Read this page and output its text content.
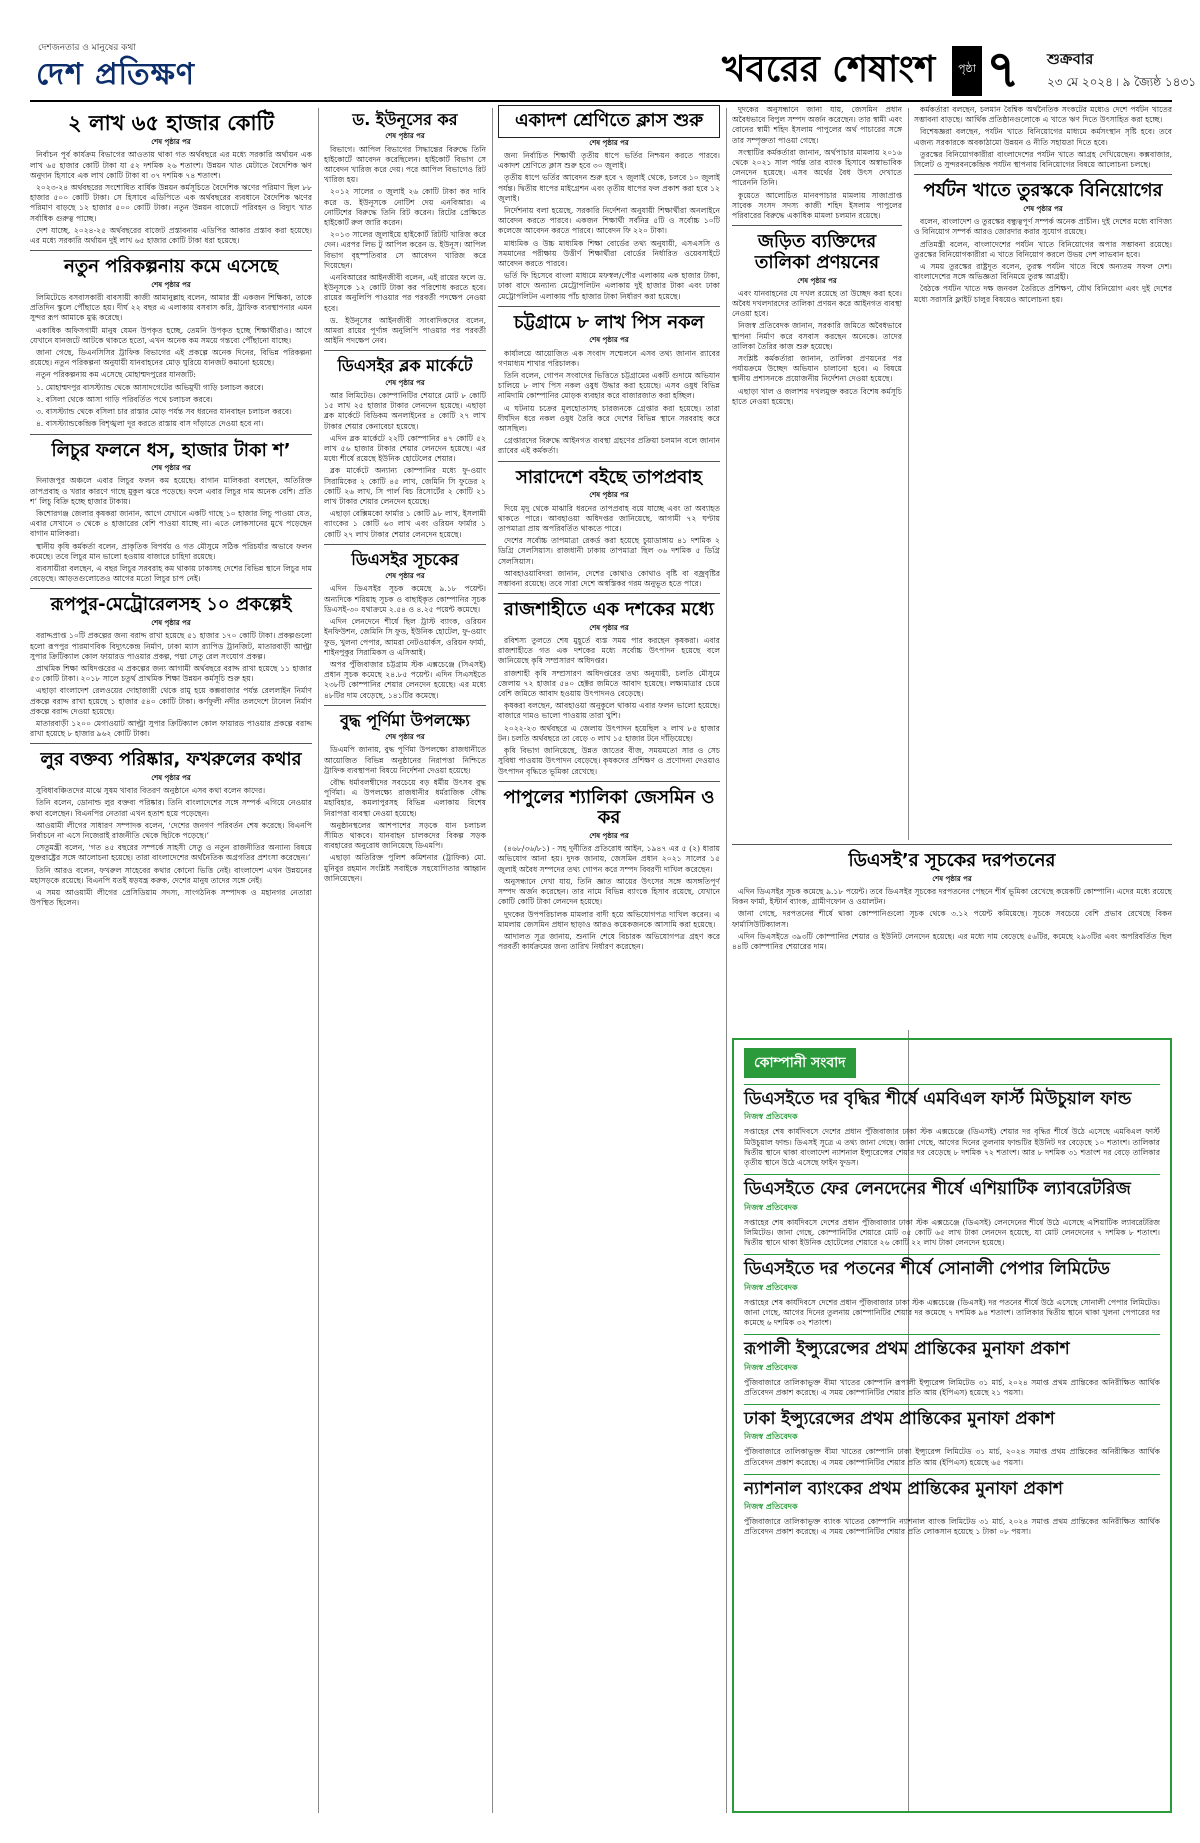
দেশজনতার ও মানুষের কথা
দেশ প্রতিক্ষণ	খবরের শেষাংশ	পৃষ্ঠা ৭ শুক্রবার
২৩ মে ২০২৪ ৷ ৯ জ্যৈষ্ঠ ১৪৩১
২ লাখ ৬৫ হাজার কোটি
শেষ পৃষ্ঠার পর

নির্বাচন পূর্ব কার্যক্রম বিভাগের আওতায় থাকা গত অর্থবছরে এর মধ্যে সরকারি অর্থায়ন এক লাখ ৬৫ হাজার কোটি টাকা যা ৫২ দশমিক ২৬ শতাংশ। উন্নয়ন খাত মেটাতে বৈদেশিক ঋণ অনুদান হিসাবে এক লাখ কোটি টাকা বা ৩৭ দশমিক ৭৪ শতাংশ।

২০২৩-২৪ অর্থবছরের সংশোধিত বার্ষিক উন্নয়ন কর্মসূচিতে বৈদেশিক ঋণের পরিমাণ ছিল ৮৮ হাজার ৫০০ কোটি টাকা। সে হিসাবে এডিপিতে এক অর্থবছরের ব্যবধানে বৈদেশিক ঋণের পরিমাণ বাড়ছে ১২ হাজার ৫০০ কোটি টাকা। নতুন উন্নয়ন বাজেটে পরিবহন ও বিদ্যুৎ খাত সর্বাধিক গুরুত্ব পাচ্ছে।

দেশ যাচ্ছে, ২০২৪-২৫ অর্থবছরের বাজেট প্রস্তাবনায় এডিপির আকার প্রস্তাব করা হয়েছে। এর মধ্যে সরকারি অর্থায়ন দুই লাখ ৬৫ হাজার কোটি টাকা ধরা হয়েছে।

নতুন পরিকল্পনায় কমে এসেছে
শেষ পৃষ্ঠার পর

লিমিটেডে বসবাসকারী বাবসায়ী কাজী আমানুল্লাহ বলেন, আমার স্ত্রী একজন শিক্ষিকা, তাকে প্রতিদিন স্কুলে পৌঁছাতে হয়। দীর্ঘ ২২ বছর এ এলাকায় বসবাস করি, ট্রাফিক ব্যবস্থাপনার এমন সুন্দর রূপ আমাকে মুগ্ধ করেছে।

একাধিক অফিসগামী মানুষ যেমন উপকৃত হচ্ছে, তেমনি উপকৃত হচ্ছে শিক্ষার্থীরাও। আগে যেখানে যানজটে আটকে থাকতে হতো, এখন অনেক কম সময়ে গন্তব্যে পৌঁছানো যাচ্ছে।

জানা গেছে, ডিএনসিসির ট্রাফিক বিভাগের এই প্রকল্পে অনেক দিনের, বিভিন্ন পরিকল্পনা রয়েছে। নতুন পরিকল্পনা অনুযায়ী যানবাহনের মোড় ঘুরিয়ে যানজট কমানো হয়েছে।

নতুন পরিকল্পনায় কম এসেছে মোহাম্মদপুরের যানজটি:

১. মোহাম্মদপুর বাসস্ট্যান্ড থেকে আসাদগেটের অভিমুখী গাড়ি চলাচল করবে।

২. বসিলা থেকে আসা গাড়ি পরিবর্তিত পথে চলাচল করবে।

৩. বাসস্ট্যান্ড থেকে বসিলা চার রাস্তার মোড় পর্যন্ত সব ধরনের যানবাহন চলাচল করবে।

৪. বাসস্ট্যান্ডকেন্দ্রিক বিশৃঙ্খলা দূর করতে রাস্তায় বাস দাঁড়াতে দেওয়া হবে না।

লিচুর ফলনে ধস, হাজার টাকা শ’
শেষ পৃষ্ঠার পর

দিনাজপুর অঞ্চলে এবার লিচুর ফলন কম হয়েছে। বাগান মালিকরা বলছেন, অতিরিক্ত তাপপ্রবাহ ও খরার কারণে গাছে মুকুল ঝরে পড়েছে। ফলে এবার লিচুর দাম অনেক বেশি। প্রতি শ’ লিচু বিক্রি হচ্ছে হাজার টাকায়।

কিশোরগঞ্জ জেলার কৃষকরা জানান, আগে যেখানে একটি গাছে ১০ হাজার লিচু পাওয়া যেত, এবার সেখানে ৩ থেকে ৪ হাজারের বেশি পাওয়া যাচ্ছে না। এতে লোকসানের মুখে পড়েছেন বাগান মালিকরা।

স্থানীয় কৃষি কর্মকর্তা বলেন, প্রাকৃতিক বিপর্যয় ও গত মৌসুমে সঠিক পরিচর্যার অভাবে ফলন কমেছে। তবে লিচুর মান ভালো হওয়ায় বাজারে চাহিদা রয়েছে।

ব্যবসায়ীরা বলছেন, এ বছর লিচুর সরবরাহ কম থাকায় ঢাকাসহ দেশের বিভিন্ন স্থানে লিচুর দাম বেড়েছে। আড়তগুলোতেও আগের মতো লিচুর চাপ নেই।

রূপপুর-মেট্রোরেলসহ ১০ প্রকল্পেই
শেষ পৃষ্ঠার পর

বরাদ্দপ্রাপ্ত ১০টি প্রকল্পের জন্য বরাদ্দ রাখা হয়েছে ৫১ হাজার ১৭০ কোটি টাকা। প্রকল্পগুলো হলো রূপপুর পারমাণবিক বিদ্যুৎকেন্দ্র নির্মাণ, ঢাকা ম্যাস র‍্যাপিড ট্রানজিট, মাতারবাড়ী আল্ট্রা সুপার ক্রিটিক্যাল কোল ফায়ারড পাওয়ার প্রকল্প, পদ্মা সেতু রেল সংযোগ প্রকল্প।

প্রাথমিক শিক্ষা অধিদপ্তরের এ প্রকল্পের জন্য আগামী অর্থবছরে বরাদ্দ রাখা হয়েছে ১১ হাজার ৫৩ কোটি টাকা। ২০১৮ সালে চতুর্থ প্রাথমিক শিক্ষা উন্নয়ন কর্মসূচি শুরু হয়।

এছাড়া বাংলাদেশ রেলওয়ের দোহাজারী থেকে রামু হয়ে কক্সবাজার পর্যন্ত রেললাইন নির্মাণ প্রকল্পে বরাদ্দ রাখা হয়েছে ১ হাজার ৫৪০ কোটি টাকা। কর্ণফুলী নদীর তলদেশে টানেল নির্মাণ প্রকল্পে বরাদ্দ দেওয়া হয়েছে।

মাতারবাড়ী ১২০০ মেগাওয়াট আল্ট্রা সুপার ক্রিটিক্যাল কোল ফায়ারড পাওয়ার প্রকল্পে বরাদ্দ রাখা হয়েছে ৮ হাজার ৯৬২ কোটি টাকা।

লুর বক্তব্য পরিষ্কার, ফখরুলের কথার
শেষ পৃষ্ঠার পর

সুবিধাবঞ্চিতদের মাঝে সুষম খাবার বিতরণ অনুষ্ঠানে এসব কথা বলেন কাদের।

তিনি বলেন, ডোনাল্ড লুর বক্তব্য পরিষ্কার। তিনি বাংলাদেশের সঙ্গে সম্পর্ক এগিয়ে নেওয়ার কথা বলেছেন। বিএনপির নেতারা এখন হতাশ হয়ে পড়েছেন।

আওয়ামী লীগের সাধারণ সম্পাদক বলেন, ‘দেশের জনগণ পরিবর্তন শেষ করেছে। বিএনপি নির্বাচনে না এসে নিজেরাই রাজনীতি থেকে ছিটকে পড়েছে।’

সেতুমন্ত্রী বলেন, ‘গত ৪৫ বছরের সম্পর্কে সাহসী সেতু ও নতুন রাজনীতির অন্যান্য বিষয়ে যুক্তরাষ্ট্রের সঙ্গে আলোচনা হয়েছে। তারা বাংলাদেশের অর্থনৈতিক অগ্রগতির প্রশংসা করেছেন।’

তিনি আরও বলেন, ফখরুল সাহেবের কথার কোনো ভিত্তি নেই। বাংলাদেশ এখন উন্নয়নের মহাসড়কে রয়েছে। বিএনপি যতই ষড়যন্ত্র করুক, দেশের মানুষ তাদের সঙ্গে নেই।

এ সময় আওয়ামী লীগের প্রেসিডিয়াম সদস্য, সাংগঠনিক সম্পাদক ও মহানগর নেতারা উপস্থিত ছিলেন।

ড. ইউনূসের কর
শেষ পৃষ্ঠার পর

বিভাগে। আপিল বিভাগের সিদ্ধান্তের বিরুদ্ধে তিনি হাইকোর্টে আবেদন করেছিলেন। হাইকোর্ট বিভাগ সে আবেদন খারিজ করে দেয়। পরে আপিল বিভাগেও রিট খারিজ হয়।

২০১২ সালের ৩ জুলাই ২৬ কোটি টাকা কর দাবি করে ড. ইউনূসকে নোটিশ দেয় এনবিআর। এ নোটিশের বিরুদ্ধে তিনি রিট করেন। রিটের প্রেক্ষিতে হাইকোর্ট রুল জারি করেন।

২০১৩ সালের জুলাইয়ে হাইকোর্ট রিটটি খারিজ করে দেন। এরপর লিভ টু আপিল করেন ড. ইউনূস। আপিল বিভাগ বৃহস্পতিবার সে আবেদন খারিজ করে দিয়েছেন।

এনবিআরের আইনজীবী বলেন, এই রায়ের ফলে ড. ইউনূসকে ১২ কোটি টাকা কর পরিশোধ করতে হবে। রায়ের অনুলিপি পাওয়ার পর পরবর্তী পদক্ষেপ নেওয়া হবে।

ড. ইউনূসের আইনজীবী সাংবাদিকদের বলেন, আমরা রায়ের পূর্ণাঙ্গ অনুলিপি পাওয়ার পর পরবর্তী আইনি পদক্ষেপ নেব।

ডিএসইর ব্লক মার্কেটে
শেষ পৃষ্ঠার পর

আর লিমিটেড। কোম্পানিটির শেয়ারে মোট ৮ কোটি ১৫ লাখ ২৫ হাজার টাকার লেনদেন হয়েছে। এছাড়া ব্লক মার্কেটে বিডিকম অনলাইনের ৪ কোটি ২৭ লাখ টাকার শেয়ার কেনাবেচা হয়েছে।

এদিন ব্লক মার্কেটে ২২টি কোম্পানির ৪৭ কোটি ৫২ লাখ ৫৬ হাজার টাকার শেয়ার লেনদেন হয়েছে। এর মধ্যে শীর্ষে রয়েছে ইউনিক হোটেলের শেয়ার।

ব্লক মার্কেটে অন্যান্য কোম্পানির মধ্যে ফু-ওয়াং সিরামিকের ২ কোটি ৪৫ লাখ, জেমিনি সি ফুডের ২ কোটি ২৬ লাখ, সি পার্ল বিচ রিসোর্টের ২ কোটি ২১ লাখ টাকার শেয়ার লেনদেন হয়েছে।

এছাড়া বেক্সিমকো ফার্মার ১ কোটি ৯৮ লাখ, ইসলামী ব্যাংকের ১ কোটি ৬৩ লাখ এবং ওরিয়ন ফার্মার ১ কোটি ২৭ লাখ টাকার শেয়ার লেনদেন হয়েছে।

ডিএসইর সূচকের
শেষ পৃষ্ঠার পর

এদিন ডিএসইর সূচক কমেছে ৯.১৮ পয়েন্ট। অন্যদিকে শরিয়াহ সূচক ও বাছাইকৃত কোম্পানির সূচক ডিএসই-৩০ যথাক্রমে ২.৫৪ ও ৪.২৫ পয়েন্ট কমেছে।

এদিন লেনদেনে শীর্ষে ছিল ট্রাস্ট ব্যাংক, ওরিয়ন ইনফিউশন, জেমিনি সি ফুড, ইউনিক হোটেল, ফু-ওয়াং ফুড, খুলনা পেপার, আমরা নেটওয়ার্কস, ওরিয়ন ফার্মা, শাইনপুকুর সিরামিকস ও এসিআই।

অপর পুঁজিবাজার চট্টগ্রাম স্টক এক্সচেঞ্জে (সিএসই) প্রধান সূচক কমেছে ২৪.৮৫ পয়েন্ট। এদিন সিএসইতে ২৩৮টি কোম্পানির শেয়ার লেনদেন হয়েছে। এর মধ্যে ৪৮টির দাম বেড়েছে, ১৪১টির কমেছে।

বুদ্ধ পূর্ণিমা উপলক্ষ্যে
শেষ পৃষ্ঠার পর

ডিএমপি জানায়, বুদ্ধ পূর্ণিমা উপলক্ষ্যে রাজধানীতে আয়োজিত বিভিন্ন অনুষ্ঠানের নিরাপত্তা নিশ্চিতে ট্রাফিক ব্যবস্থাপনা বিষয়ে নির্দেশনা দেওয়া হয়েছে।

বৌদ্ধ ধর্মাবলম্বীদের সবচেয়ে বড় ধর্মীয় উৎসব বুদ্ধ পূর্ণিমা। এ উপলক্ষ্যে রাজধানীর ধর্মরাজিক বৌদ্ধ মহাবিহার, কমলাপুরসহ বিভিন্ন এলাকায় বিশেষ নিরাপত্তা ব্যবস্থা নেওয়া হয়েছে।

অনুষ্ঠানস্থলের আশপাশের সড়কে যান চলাচল সীমিত থাকবে। যানবাহন চালকদের বিকল্প সড়ক ব্যবহারের অনুরোধ জানিয়েছে ডিএমপি।

এছাড়া অতিরিক্ত পুলিশ কমিশনার (ট্রাফিক) মো. মুনিবুর রহমান সংশ্লিষ্ট সবাইকে সহযোগিতার আহ্বান জানিয়েছেন।

একাদশ শ্রেণিতে ক্লাস শুরু
শেষ পৃষ্ঠার পর

জন্য নির্বাচিত শিক্ষার্থী তৃতীয় ধাপে ভর্তির নিশ্চয়ন করতে পারবে। একাদশ শ্রেণিতে ক্লাস শুরু হবে ৩০ জুলাই।

তৃতীয় ধাপে ভর্তির আবেদন শুরু হবে ৭ জুলাই থেকে, চলবে ১০ জুলাই পর্যন্ত। দ্বিতীয় ধাপের মাইগ্রেশন এবং তৃতীয় ধাপের ফল প্রকাশ করা হবে ১২ জুলাই।

নির্দেশনায় বলা হয়েছে, সরকারি নির্দেশনা অনুযায়ী শিক্ষার্থীরা অনলাইনে আবেদন করতে পারবে। একজন শিক্ষার্থী সর্বনিম্ন ৫টি ও সর্বোচ্চ ১০টি কলেজে আবেদন করতে পারবে। আবেদন ফি ২২০ টাকা।

মাধ্যমিক ও উচ্চ মাধ্যমিক শিক্ষা বোর্ডের তথ্য অনুযায়ী, এসএসসি ও সমমানের পরীক্ষায় উত্তীর্ণ শিক্ষার্থীরা বোর্ডের নির্ধারিত ওয়েবসাইটে আবেদন করতে পারবে।

ভর্তি ফি হিসেবে বাংলা মাধ্যমে মফস্বল/পৌর এলাকায় এক হাজার টাকা, ঢাকা বাদে অন্যান্য মেট্রোপলিটন এলাকায় দুই হাজার টাকা এবং ঢাকা মেট্রোপলিটন এলাকায় পাঁচ হাজার টাকা নির্ধারণ করা হয়েছে।

চট্টগ্রামে ৮ লাখ পিস নকল
শেষ পৃষ্ঠার পর

কার্যালয়ে আয়োজিত এক সংবাদ সম্মেলনে এসব তথ্য জানান র‍্যাবের গণমাধ্যম শাখার পরিচালক।

তিনি বলেন, গোপন সংবাদের ভিত্তিতে চট্টগ্রামের একটি গুদামে অভিযান চালিয়ে ৮ লাখ পিস নকল ওষুধ উদ্ধার করা হয়েছে। এসব ওষুধ বিভিন্ন নামিদামি কোম্পানির মোড়ক ব্যবহার করে বাজারজাত করা হচ্ছিল।

এ ঘটনায় চক্রের মূলহোতাসহ চারজনকে গ্রেপ্তার করা হয়েছে। তারা দীর্ঘদিন ধরে নকল ওষুধ তৈরি করে দেশের বিভিন্ন স্থানে সরবরাহ করে আসছিল।

গ্রেপ্তারদের বিরুদ্ধে আইনগত ব্যবস্থা গ্রহণের প্রক্রিয়া চলমান বলে জানান র‍্যাবের এই কর্মকর্তা।

সারাদেশে বইছে তাপপ্রবাহ
শেষ পৃষ্ঠার পর

দিয়ে মৃদু থেকে মাঝারি ধরনের তাপপ্রবাহ বয়ে যাচ্ছে এবং তা অব্যাহত থাকতে পারে। আবহাওয়া অধিদপ্তর জানিয়েছে, আগামী ৭২ ঘণ্টায় তাপমাত্রা প্রায় অপরিবর্তিত থাকতে পারে।

দেশের সর্বোচ্চ তাপমাত্রা রেকর্ড করা হয়েছে চুয়াডাঙ্গায় ৪১ দশমিক ২ ডিগ্রি সেলসিয়াস। রাজধানী ঢাকায় তাপমাত্রা ছিল ৩৬ দশমিক ৫ ডিগ্রি সেলসিয়াস।

আবহাওয়াবিদরা জানান, দেশের কোথাও কোথাও বৃষ্টি বা বজ্রবৃষ্টির সম্ভাবনা রয়েছে। তবে সারা দেশে অস্বস্তিকর গরম অনুভূত হতে পারে।

রাজশাহীতে এক দশকের মধ্যে
শেষ পৃষ্ঠার পর

রবিশস্য তুলতে শেষ মুহূর্তে ব্যস্ত সময় পার করছেন কৃষকরা। এবার রাজশাহীতে গত এক দশকের মধ্যে সর্বোচ্চ উৎপাদন হয়েছে বলে জানিয়েছে কৃষি সম্প্রসারণ অধিদপ্তর।

রাজশাহী কৃষি সম্প্রসারণ অধিদপ্তরের তথ্য অনুযায়ী, চলতি মৌসুমে জেলায় ৭২ হাজার ৫৪০ হেক্টর জমিতে আবাদ হয়েছে। লক্ষ্যমাত্রার চেয়ে বেশি জমিতে আবাদ হওয়ায় উৎপাদনও বেড়েছে।

কৃষকরা বলছেন, আবহাওয়া অনুকূলে থাকায় এবার ফলন ভালো হয়েছে। বাজারে দামও ভালো পাওয়ায় তারা খুশি।

২০২২-২৩ অর্থবছরে এ জেলায় উৎপাদন হয়েছিল ২ লাখ ৮৫ হাজার টন। চলতি অর্থবছরে তা বেড়ে ৩ লাখ ১৫ হাজার টনে দাঁড়িয়েছে।

কৃষি বিভাগ জানিয়েছে, উন্নত জাতের বীজ, সময়মতো সার ও সেচ সুবিধা পাওয়ায় উৎপাদন বেড়েছে। কৃষকদের প্রশিক্ষণ ও প্রণোদনা দেওয়াও উৎপাদন বৃদ্ধিতে ভূমিকা রেখেছে।

পাপুলের শ্যালিকা জেসমিন ও কর
শেষ পৃষ্ঠার পর

(৪৬৮/৩৬/৮১) - সহ দুর্নীতির প্রতিরোধ আইন, ১৯৪৭ এর ৫ (২) ধারায় অভিযোগ আনা হয়। দুদক জানায়, জেসমিন প্রধান ২০২১ সালের ১৫ জুলাই অবৈধ সম্পদের তথ্য গোপন করে সম্পদ বিবরণী দাখিল করেছেন।

অনুসন্ধানে দেখা যায়, তিনি জ্ঞাত আয়ের উৎসের সঙ্গে অসঙ্গতিপূর্ণ সম্পদ অর্জন করেছেন। তার নামে বিভিন্ন ব্যাংকে হিসাব রয়েছে, যেখানে কোটি কোটি টাকা লেনদেন হয়েছে।

দুদকের উপপরিচালক মামলার বাদী হয়ে অভিযোগপত্র দাখিল করেন। এ মামলায় জেসমিন প্রধান ছাড়াও আরও কয়েকজনকে আসামি করা হয়েছে।

আদালত সূত্র জানায়, শুনানি শেষে বিচারক অভিযোগপত্র গ্রহণ করে পরবর্তী কার্যক্রমের জন্য তারিখ নির্ধারণ করেছেন।

দুদকের অনুসন্ধানে জানা যায়, জেসমিন প্রধান অবৈধভাবে বিপুল সম্পদ অর্জন করেছেন। তার স্বামী এবং বোনের স্বামী শহিদ ইসলাম পাপুলের অর্থ পাচারের সঙ্গে তার সম্পৃক্ততা পাওয়া গেছে।

সংস্থাটির কর্মকর্তারা জানান, অর্থপাচার মামলায় ২০১৬ থেকে ২০২১ সাল পর্যন্ত তার ব্যাংক হিসাবে অস্বাভাবিক লেনদেন হয়েছে। এসব অর্থের বৈধ উৎস দেখাতে পারেননি তিনি।

কুয়েতে আলোচিত মানবপাচার মামলায় সাজাপ্রাপ্ত সাবেক সংসদ সদস্য কাজী শহিদ ইসলাম পাপুলের পরিবারের বিরুদ্ধে একাধিক মামলা চলমান রয়েছে।

জড়িত ব্যক্তিদের তালিকা প্রণয়নের
শেষ পৃষ্ঠার পর

এবং যানবাহনের যে দখল রয়েছে তা উচ্ছেদ করা হবে। অবৈধ দখলদারদের তালিকা প্রণয়ন করে আইনগত ব্যবস্থা নেওয়া হবে।

নিজস্ব প্রতিবেদক জানান, সরকারি জমিতে অবৈধভাবে স্থাপনা নির্মাণ করে বসবাস করছেন অনেকে। তাদের তালিকা তৈরির কাজ শুরু হয়েছে।

সংশ্লিষ্ট কর্মকর্তারা জানান, তালিকা প্রণয়নের পর পর্যায়ক্রমে উচ্ছেদ অভিযান চালানো হবে। এ বিষয়ে স্থানীয় প্রশাসনকে প্রয়োজনীয় নির্দেশনা দেওয়া হয়েছে।

এছাড়া খাল ও জলাশয় দখলমুক্ত করতে বিশেষ কর্মসূচি হাতে নেওয়া হয়েছে।

কর্মকর্তারা বলছেন, চলমান বৈশ্বিক অর্থনৈতিক সংকটের মধ্যেও দেশে পর্যটন খাতের সম্ভাবনা বাড়ছে। আর্থিক প্রতিষ্ঠানগুলোকে এ খাতে ঋণ দিতে উৎসাহিত করা হচ্ছে।

বিশেষজ্ঞরা বলছেন, পর্যটন খাতে বিনিয়োগের মাধ্যমে কর্মসংস্থান সৃষ্টি হবে। তবে এজন্য সরকারকে অবকাঠামো উন্নয়ন ও নীতি সহায়তা দিতে হবে।

তুরস্কের বিনিয়োগকারীরা বাংলাদেশের পর্যটন খাতে আগ্রহ দেখিয়েছেন। কক্সবাজার, সিলেট ও সুন্দরবনকেন্দ্রিক পর্যটন স্থাপনায় বিনিয়োগের বিষয়ে আলোচনা চলছে।

পর্যটন খাতে তুরস্ককে বিনিয়োগের
শেষ পৃষ্ঠার পর

বলেন, বাংলাদেশ ও তুরস্কের বন্ধুত্বপূর্ণ সম্পর্ক অনেক প্রাচীন। দুই দেশের মধ্যে বাণিজ্য ও বিনিয়োগ সম্পর্ক আরও জোরদার করার সুযোগ রয়েছে।

প্রতিমন্ত্রী বলেন, বাংলাদেশের পর্যটন খাতে বিনিয়োগের অপার সম্ভাবনা রয়েছে। তুরস্কের বিনিয়োগকারীরা এ খাতে বিনিয়োগ করলে উভয় দেশ লাভবান হবে।

এ সময় তুরস্কের রাষ্ট্রদূত বলেন, তুরস্ক পর্যটন খাতে বিশ্বে অন্যতম সফল দেশ। বাংলাদেশের সঙ্গে অভিজ্ঞতা বিনিময়ে তুরস্ক আগ্রহী।

বৈঠকে পর্যটন খাতে দক্ষ জনবল তৈরিতে প্রশিক্ষণ, যৌথ বিনিয়োগ এবং দুই দেশের মধ্যে সরাসরি ফ্লাইট চালুর বিষয়েও আলোচনা হয়।

ডিএসই’র সূচকের দরপতনের
শেষ পৃষ্ঠার পর

এদিন ডিএসইর সূচক কমেছে ৯.১৮ পয়েন্ট। তবে ডিএসইর সূচকের দরপতনের পেছনে শীর্ষ ভূমিকা রেখেছে কয়েকটি কোম্পানি। এদের মধ্যে রয়েছে বিকন ফার্মা, ইস্টার্ন ব্যাংক, গ্রামীণফোন ও ওয়ালটন।

জানা গেছে, দরপতনের শীর্ষে থাকা কোম্পানিগুলো সূচক থেকে ৩.১২ পয়েন্ট কমিয়েছে। সূচকে সবচেয়ে বেশি প্রভাব রেখেছে বিকন ফার্মাসিউটিক্যালস।

এদিন ডিএসইতে ৩৯৩টি কোম্পানির শেয়ার ও ইউনিট লেনদেন হয়েছে। এর মধ্যে দাম বেড়েছে ৫৬টির, কমেছে ২৯৩টির এবং অপরিবর্তিত ছিল ৪৪টি কোম্পানির শেয়ারের দাম।

কোম্পানী সংবাদ
ডিএসইতে দর বৃদ্ধির শীর্ষে এমবিএল ফার্স্ট মিউচুয়াল ফান্ড
নিজস্ব প্রতিবেদক

সপ্তাহের শেষ কার্যদিবসে দেশের প্রধান পুঁজিবাজার ঢাকা স্টক এক্সচেঞ্জে (ডিএসই) শেয়ার দর বৃদ্ধির শীর্ষে উঠে এসেছে এমবিএল ফার্স্ট মিউচুয়াল ফান্ড। ডিএসই সূত্রে এ তথ্য জানা গেছে। জানা গেছে, আগের দিনের তুলনায় ফান্ডটির ইউনিট দর বেড়েছে ১০ শতাংশ। তালিকার দ্বিতীয় স্থানে থাকা বাংলাদেশ ন্যাশনাল ইন্স্যুরেন্সের শেয়ার দর বেড়েছে ৮ দশমিক ৭২ শতাংশ। আর ৮ দশমিক ৩১ শতাংশ দর বেড়ে তালিকার তৃতীয় স্থানে উঠে এসেছে ফাইন ফুডস।

ডিএসইতে ফের লেনদেনের শীর্ষে এশিয়াটিক ল্যাবরেটরিজ
নিজস্ব প্রতিবেদক

সপ্তাহের শেষ কার্যদিবসে দেশের প্রধান পুঁজিবাজার ঢাকা স্টক এক্সচেঞ্জে (ডিএসই) লেনদেনের শীর্ষে উঠে এসেছে এশিয়াটিক ল্যাবরেটরিজ লিমিটেড। জানা গেছে, কোম্পানিটির শেয়ারে মোট ৩৫ কোটি ৬৫ লাখ টাকা লেনদেন হয়েছে, যা মোট লেনদেনের ৭ দশমিক ৮ শতাংশ। দ্বিতীয় স্থানে থাকা ইউনিক হোটেলের শেয়ারে ২৬ কোটি ২২ লাখ টাকা লেনদেন হয়েছে।

ডিএসইতে দর পতনের শীর্ষে সোনালী পেপার লিমিটেড
নিজস্ব প্রতিবেদক

সপ্তাহের শেষ কার্যদিবসে দেশের প্রধান পুঁজিবাজার ঢাকা স্টক এক্সচেঞ্জে (ডিএসই) দর পতনের শীর্ষে উঠে এসেছে সোনালী পেপার লিমিটেড। জানা গেছে, আগের দিনের তুলনায় কোম্পানিটির শেয়ার দর কমেছে ৭ দশমিক ৯৪ শতাংশ। তালিকার দ্বিতীয় স্থানে থাকা খুলনা পেপারের দর কমেছে ৬ দশমিক ৩২ শতাংশ।

রূপালী ইন্স্যুরেন্সের প্রথম প্রান্তিকের মুনাফা প্রকাশ
নিজস্ব প্রতিবেদক

পুঁজিবাজারে তালিকাভুক্ত বীমা খাতের কোম্পানি রূপালী ইন্স্যুরেন্স লিমিটেড ৩১ মার্চ, ২০২৪ সমাপ্ত প্রথম প্রান্তিকের অনিরীক্ষিত আর্থিক প্রতিবেদন প্রকাশ করেছে। এ সময় কোম্পানিটির শেয়ার প্রতি আয় (ইপিএস) হয়েছে ২১ পয়সা।

ঢাকা ইন্স্যুরেন্সের প্রথম প্রান্তিকের মুনাফা প্রকাশ
নিজস্ব প্রতিবেদক

পুঁজিবাজারে তালিকাভুক্ত বীমা খাতের কোম্পানি ঢাকা ইন্স্যুরেন্স লিমিটেড ৩১ মার্চ, ২০২৪ সমাপ্ত প্রথম প্রান্তিকের অনিরীক্ষিত আর্থিক প্রতিবেদন প্রকাশ করেছে। এ সময় কোম্পানিটির শেয়ার প্রতি আয় (ইপিএস) হয়েছে ৬৫ পয়সা।

ন্যাশনাল ব্যাংকের প্রথম প্রান্তিকের মুনাফা প্রকাশ
নিজস্ব প্রতিবেদক

পুঁজিবাজারে তালিকাভুক্ত ব্যাংক খাতের কোম্পানি ন্যাশনাল ব্যাংক লিমিটেড ৩১ মার্চ, ২০২৪ সমাপ্ত প্রথম প্রান্তিকের অনিরীক্ষিত আর্থিক প্রতিবেদন প্রকাশ করেছে। এ সময় কোম্পানিটির শেয়ার প্রতি লোকসান হয়েছে ১ টাকা ০৮ পয়সা।
